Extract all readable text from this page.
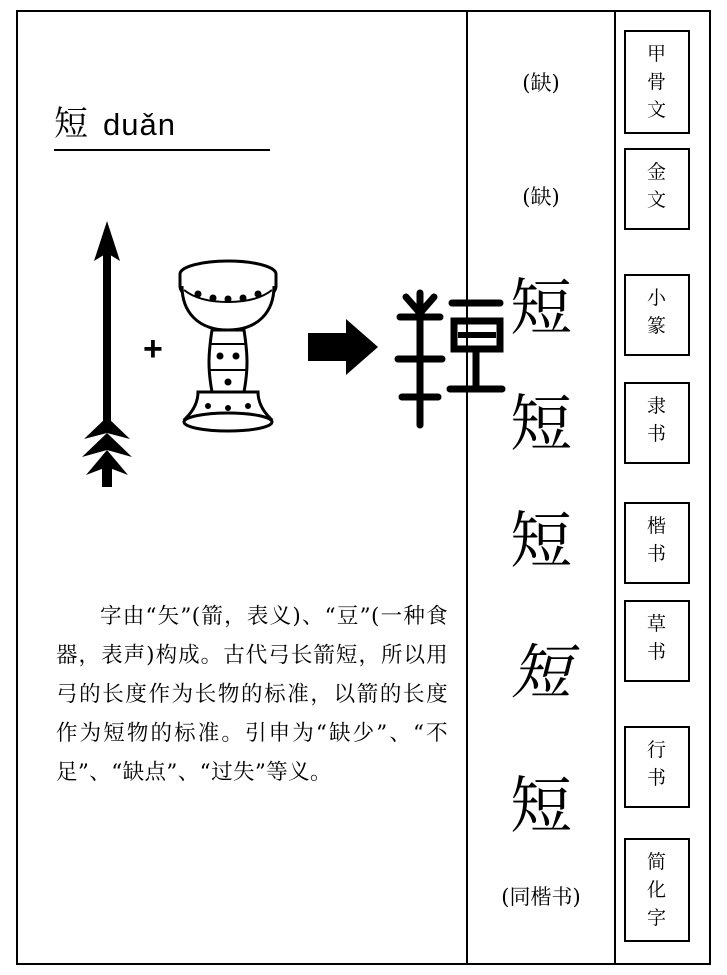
短 duǎn
+
字由“矢”(箭，表义)、“豆”(一种食器，表声)构成。古代弓长箭短，所以用弓的长度作为长物的标准，以箭的长度作为短物的标准。引申为“缺少”、“不足”、“缺点”、“过失”等义。
(缺)
(缺)
短
短
短
短
短
(同楷书)
甲
骨
文
金
文
小
篆
隶
书
楷
书
草
书
行
书
简
化
字
